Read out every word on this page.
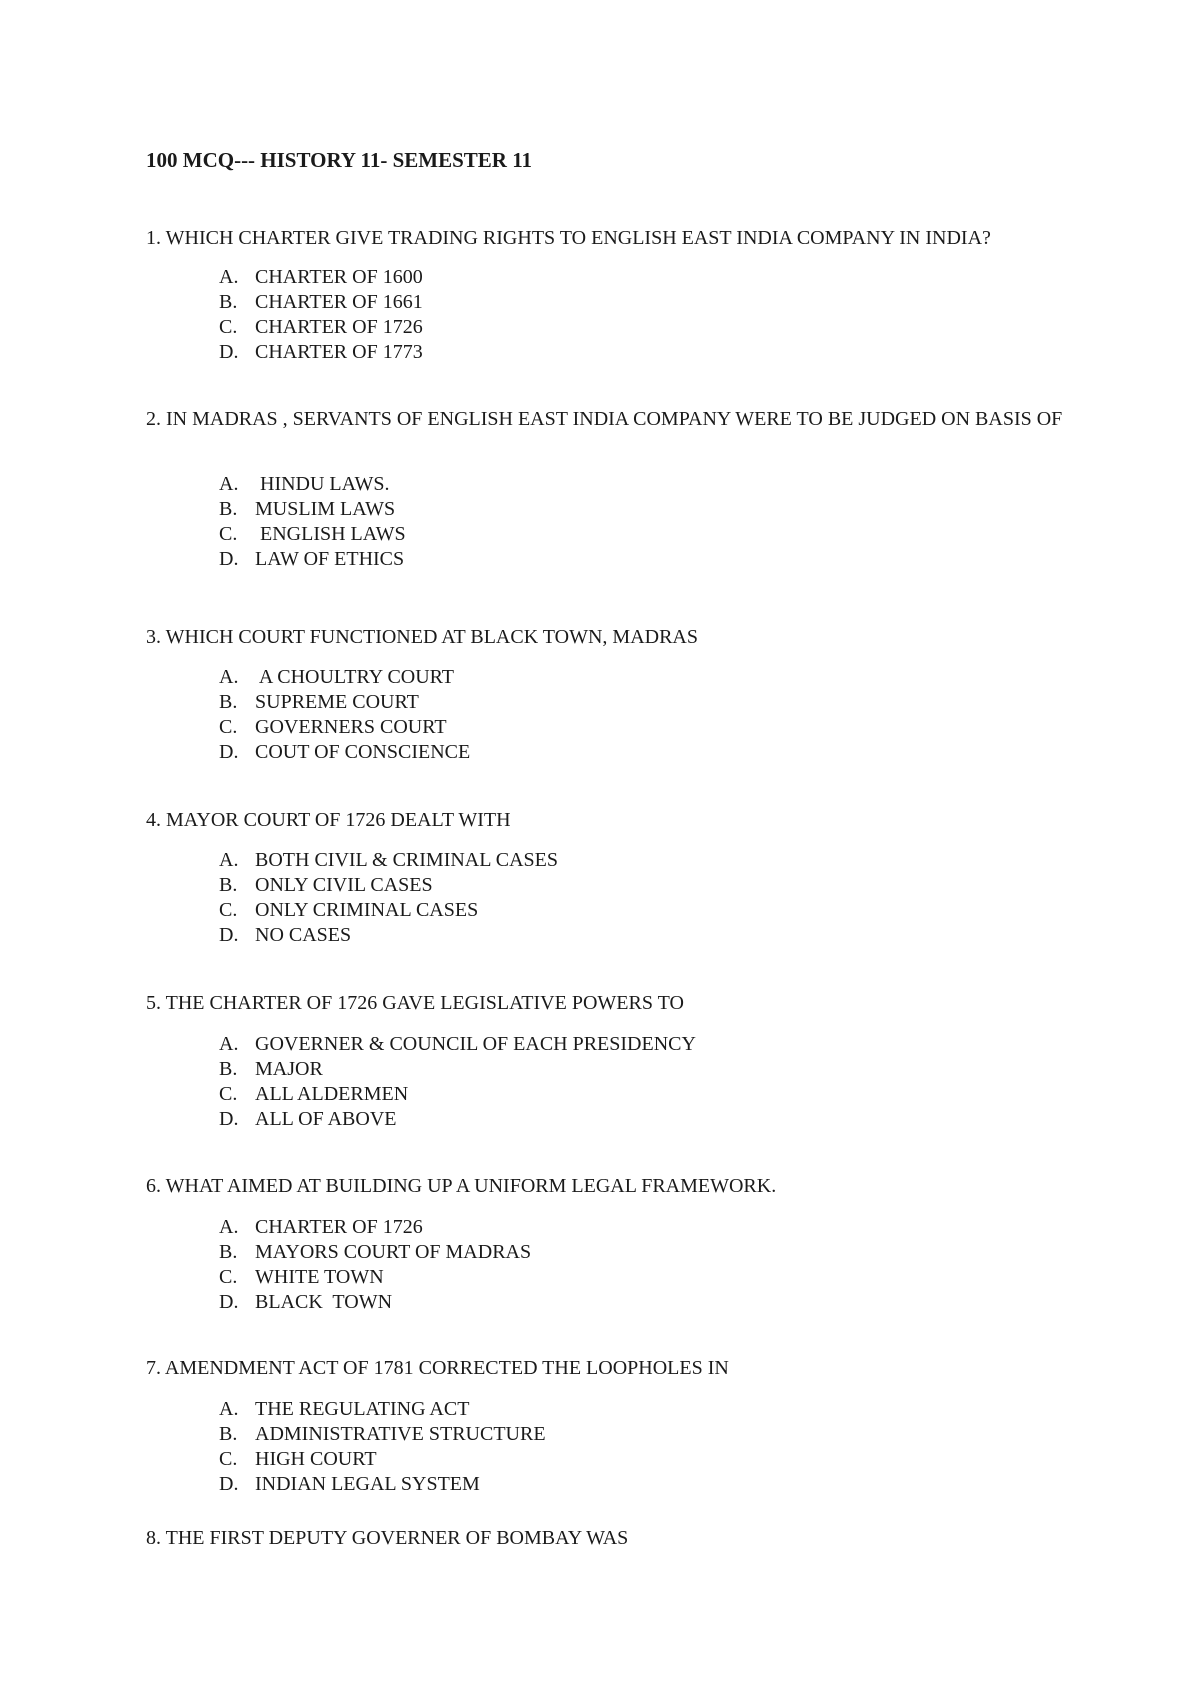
100 MCQ--- HISTORY 11- SEMESTER 11

1. WHICH CHARTER GIVE TRADING RIGHTS TO ENGLISH EAST INDIA COMPANY IN INDIA?

A. CHARTER OF 1600
B. CHARTER OF 1661
C. CHARTER OF 1726
D. CHARTER OF 1773

2. IN MADRAS , SERVANTS OF ENGLISH EAST INDIA COMPANY WERE TO BE JUDGED ON BASIS OF

A. HINDU LAWS.
B. MUSLIM LAWS
C. ENGLISH LAWS
D. LAW OF ETHICS

3. WHICH COURT FUNCTIONED AT BLACK TOWN, MADRAS

A. A CHOULTRY COURT
B. SUPREME COURT
C. GOVERNERS COURT
D. COUT OF CONSCIENCE

4. MAYOR COURT OF 1726 DEALT WITH

A. BOTH CIVIL & CRIMINAL CASES
B. ONLY CIVIL CASES
C. ONLY CRIMINAL CASES
D. NO CASES

5. THE CHARTER OF 1726 GAVE LEGISLATIVE POWERS TO

A. GOVERNER & COUNCIL OF EACH PRESIDENCY
B. MAJOR
C. ALL ALDERMEN
D. ALL OF ABOVE

6. WHAT AIMED AT BUILDING UP A UNIFORM LEGAL FRAMEWORK.

A. CHARTER OF 1726
B. MAYORS COURT OF MADRAS
C. WHITE TOWN
D. BLACK  TOWN

7. AMENDMENT ACT OF 1781 CORRECTED THE LOOPHOLES IN

A. THE REGULATING ACT
B. ADMINISTRATIVE STRUCTURE
C. HIGH COURT
D. INDIAN LEGAL SYSTEM

8. THE FIRST DEPUTY GOVERNER OF BOMBAY WAS
